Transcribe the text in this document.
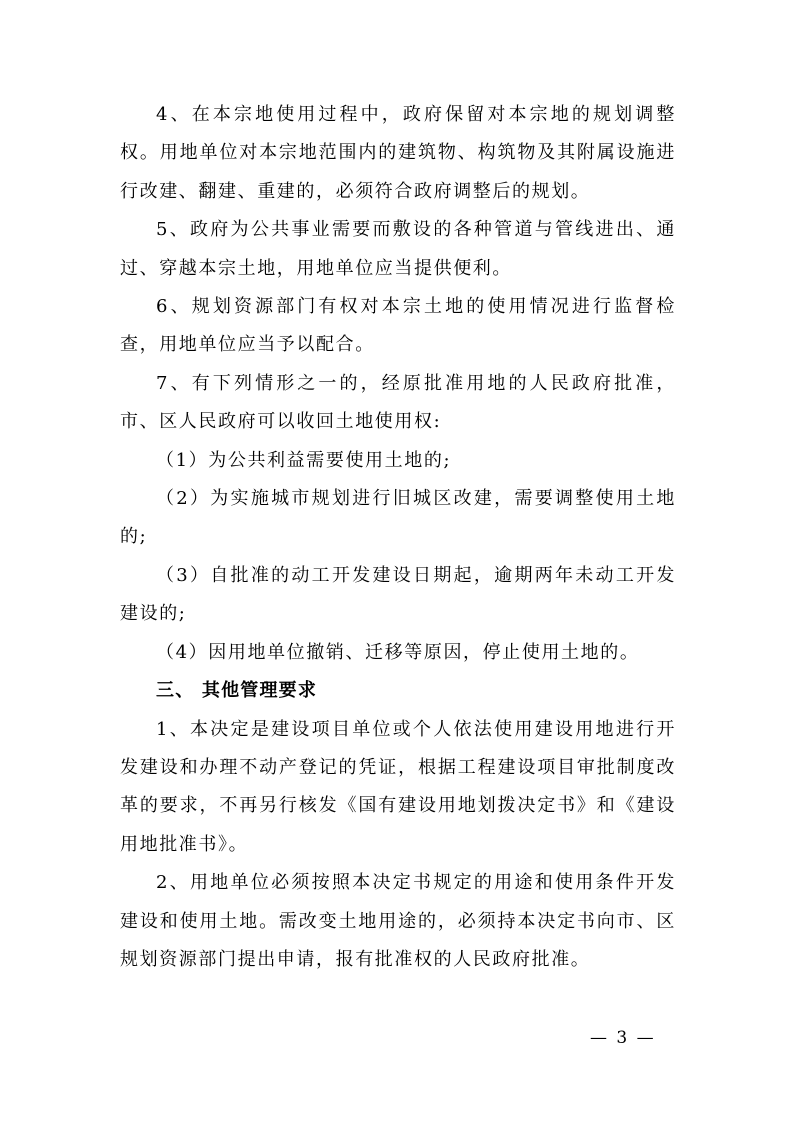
4、在本宗地使用过程中，政府保留对本宗地的规划调整权。用地单位对本宗地范围内的建筑物、构筑物及其附属设施进行改建、翻建、重建的，必须符合政府调整后的规划。

5、政府为公共事业需要而敷设的各种管道与管线进出、通过、穿越本宗土地，用地单位应当提供便利。

6、规划资源部门有权对本宗土地的使用情况进行监督检查，用地单位应当予以配合。

7、有下列情形之一的，经原批准用地的人民政府批准，市、区人民政府可以收回土地使用权:

（1）为公共利益需要使用土地的;

（2）为实施城市规划进行旧城区改建，需要调整使用土地的;

（3）自批准的动工开发建设日期起，逾期两年未动工开发建设的;

（4）因用地单位撤销、迁移等原因，停止使用土地的。

三、 其他管理要求

1、本决定是建设项目单位或个人依法使用建设用地进行开发建设和办理不动产登记的凭证，根据工程建设项目审批制度改革的要求，不再另行核发《国有建设用地划拨决定书》和《建设用地批准书》。

2、用地单位必须按照本决定书规定的用途和使用条件开发建设和使用土地。需改变土地用途的，必须持本决定书向市、区规划资源部门提出申请，报有批准权的人民政府批准。

— 3 —
